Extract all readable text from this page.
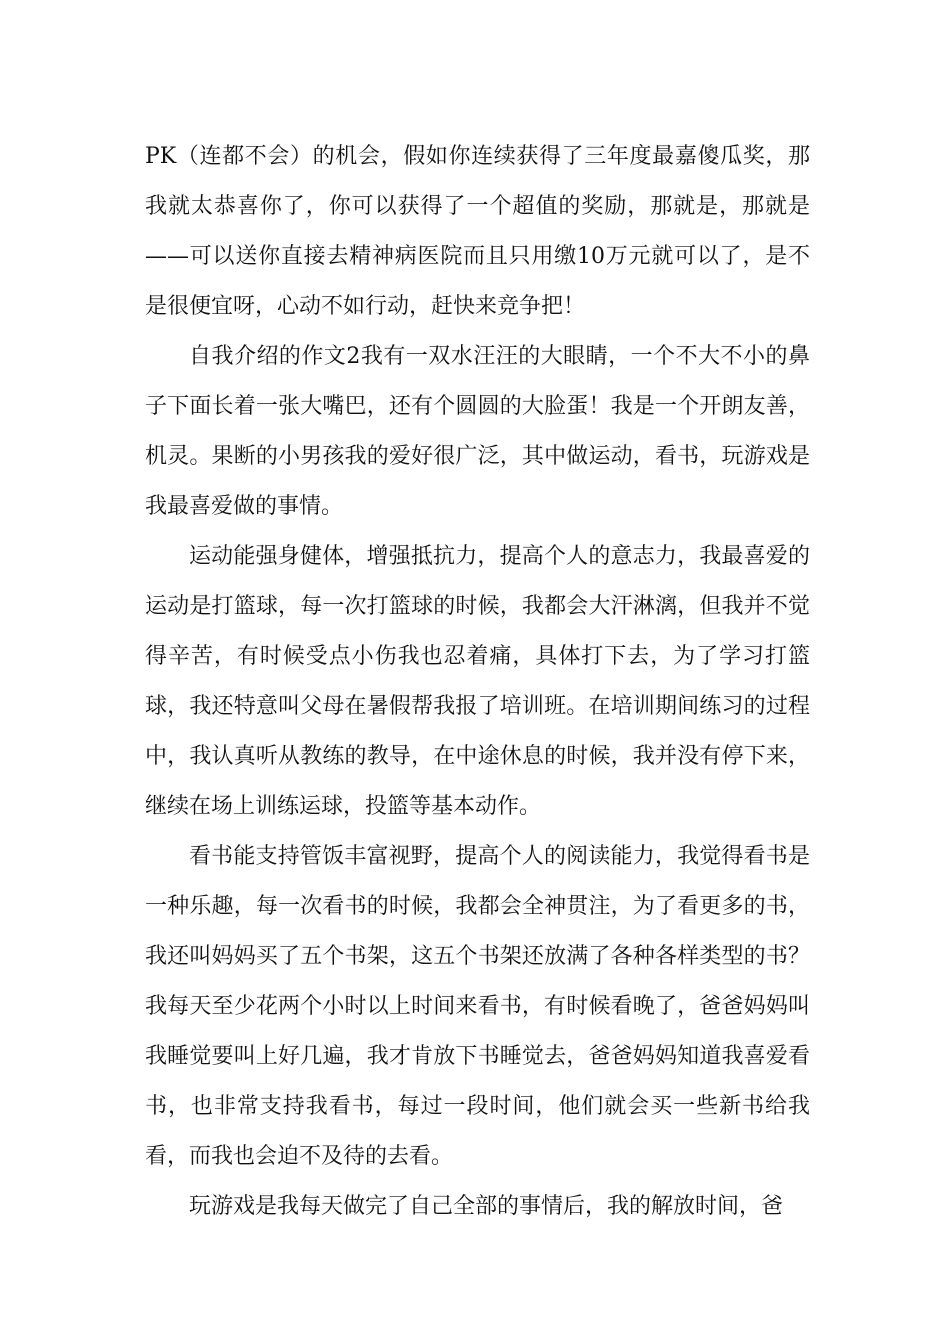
PK（连都不会）的机会，假如你连续获得了三年度最嘉傻瓜奖，那我就太恭喜你了，你可以获得了一个超值的奖励，那就是，那就是——可以送你直接去精神病医院而且只用缴10万元就可以了，是不是很便宜呀，心动不如行动，赶快来竞争把！

自我介绍的作文2我有一双水汪汪的大眼睛，一个不大不小的鼻子下面长着一张大嘴巴，还有个圆圆的大脸蛋！我是一个开朗友善，机灵。果断的小男孩我的爱好很广泛，其中做运动，看书，玩游戏是我最喜爱做的事情。

运动能强身健体，增强抵抗力，提高个人的意志力，我最喜爱的运动是打篮球，每一次打篮球的时候，我都会大汗淋漓，但我并不觉得辛苦，有时候受点小伤我也忍着痛，具体打下去，为了学习打篮球，我还特意叫父母在暑假帮我报了培训班。在培训期间练习的过程中，我认真听从教练的教导，在中途休息的时候，我并没有停下来，继续在场上训练运球，投篮等基本动作。

看书能支持管饭丰富视野，提高个人的阅读能力，我觉得看书是一种乐趣，每一次看书的时候，我都会全神贯注，为了看更多的书，我还叫妈妈买了五个书架，这五个书架还放满了各种各样类型的书？我每天至少花两个小时以上时间来看书，有时候看晚了，爸爸妈妈叫我睡觉要叫上好几遍，我才肯放下书睡觉去，爸爸妈妈知道我喜爱看书，也非常支持我看书，每过一段时间，他们就会买一些新书给我看，而我也会迫不及待的去看。

玩游戏是我每天做完了自己全部的事情后，我的解放时间，爸
